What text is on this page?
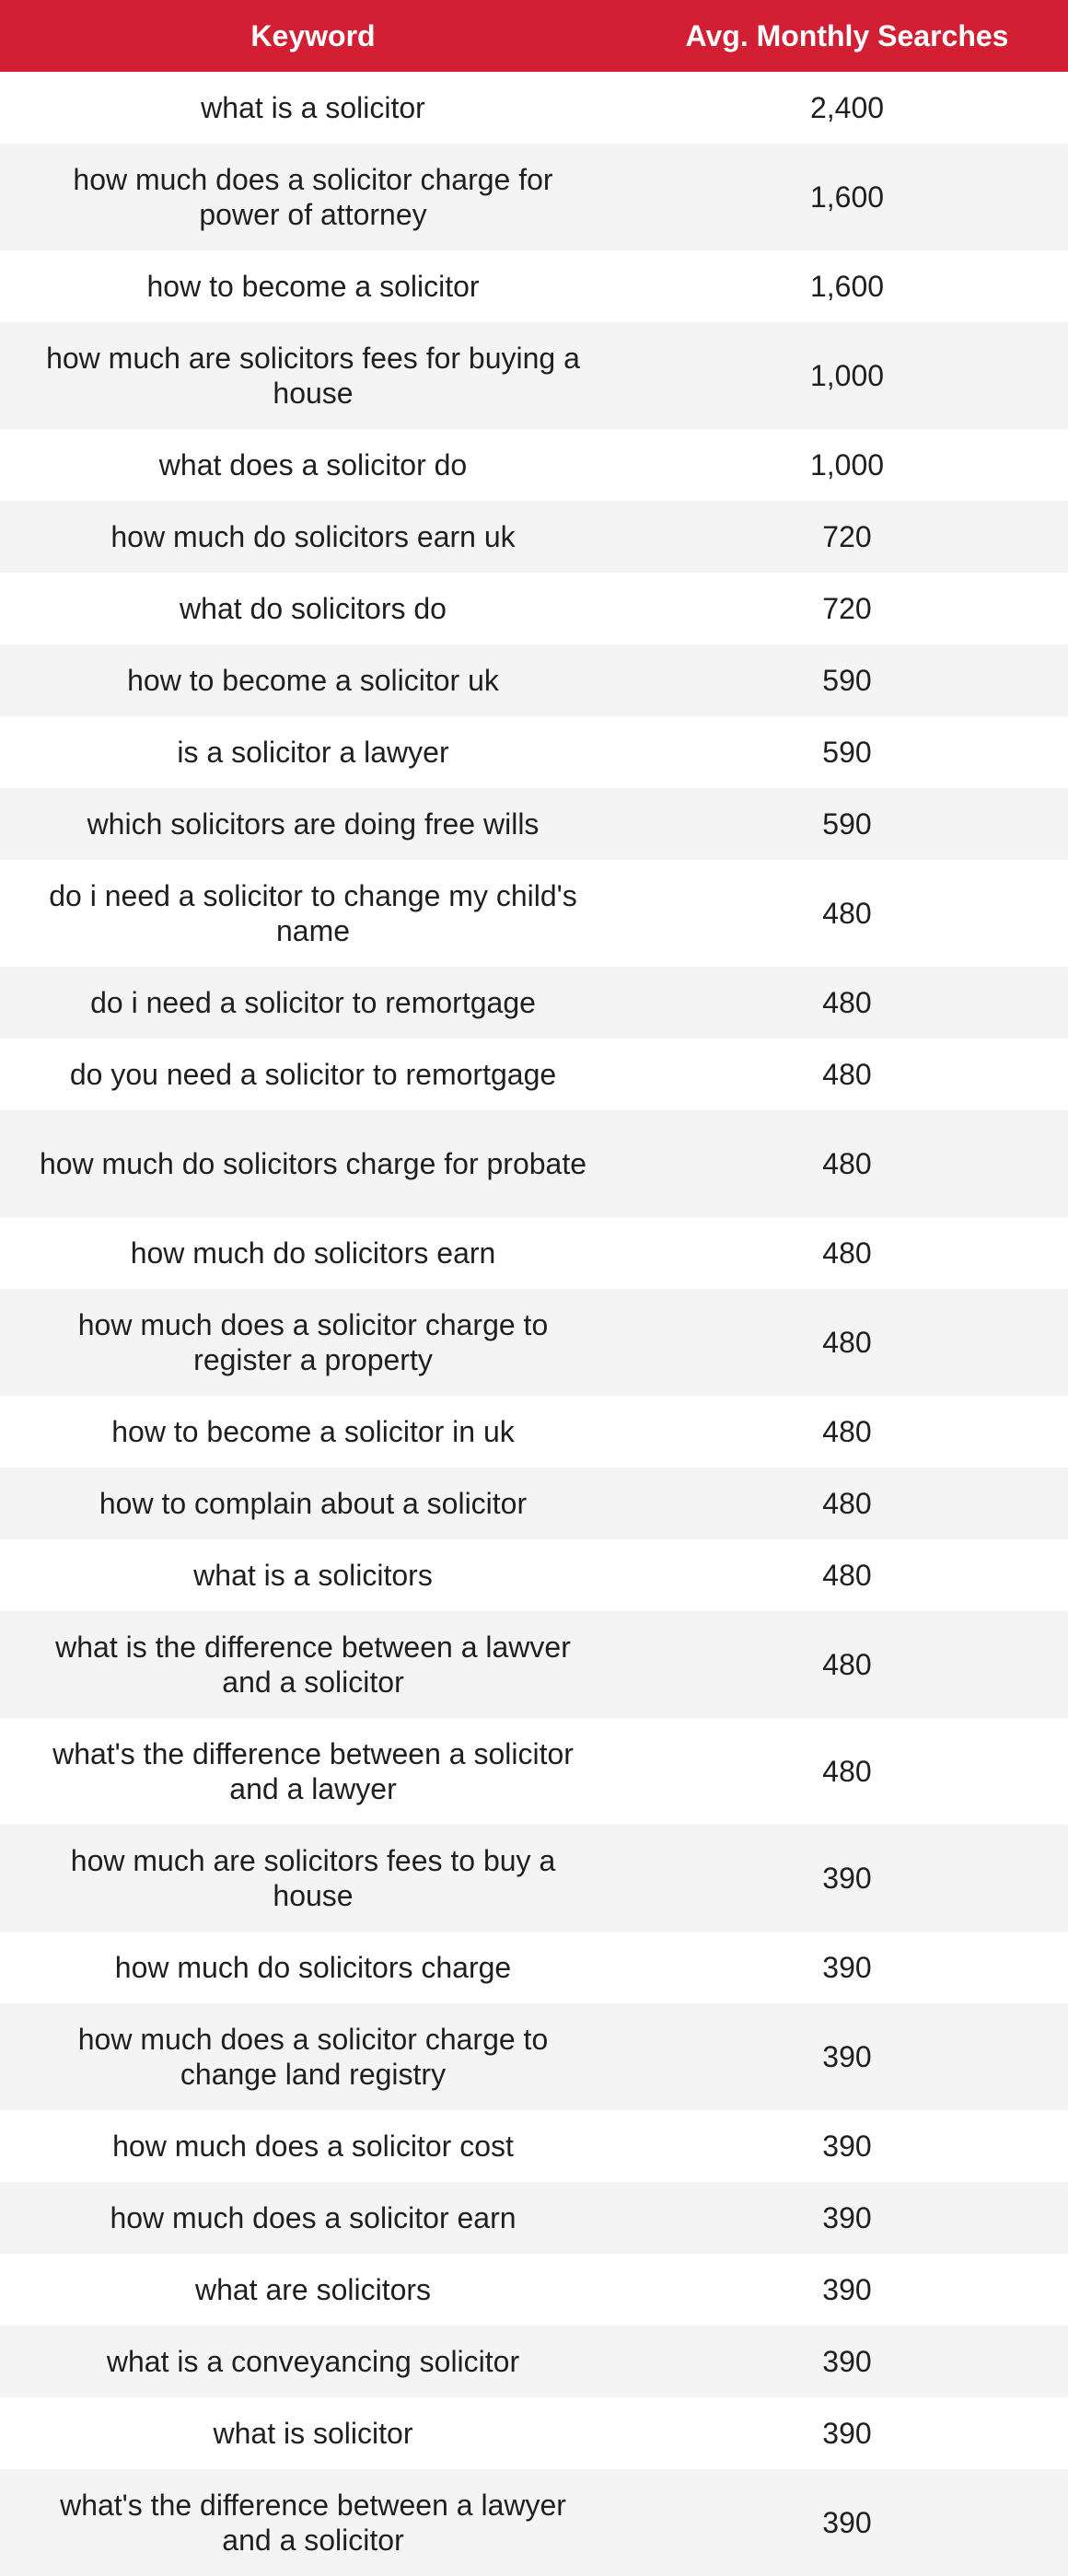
Keyword	Avg. Monthly Searches
what is a solicitor	2,400
how much does a solicitor charge for power of attorney	1,600
how to become a solicitor	1,600
how much are solicitors fees for buying a house	1,000
what does a solicitor do	1,000
how much do solicitors earn uk	720
what do solicitors do	720
how to become a solicitor uk	590
is a solicitor a lawyer	590
which solicitors are doing free wills	590
do i need a solicitor to change my child's name	480
do i need a solicitor to remortgage	480
do you need a solicitor to remortgage	480
how much do solicitors charge for probate	480
how much do solicitors earn	480
how much does a solicitor charge to register a property	480
how to become a solicitor in uk	480
how to complain about a solicitor	480
what is a solicitors	480
what is the difference between a lawver and a solicitor	480
what's the difference between a solicitor and a lawyer	480
how much are solicitors fees to buy a house	390
how much do solicitors charge	390
how much does a solicitor charge to change land registry	390
how much does a solicitor cost	390
how much does a solicitor earn	390
what are solicitors	390
what is a conveyancing solicitor	390
what is solicitor	390
what's the difference between a lawyer and a solicitor	390
